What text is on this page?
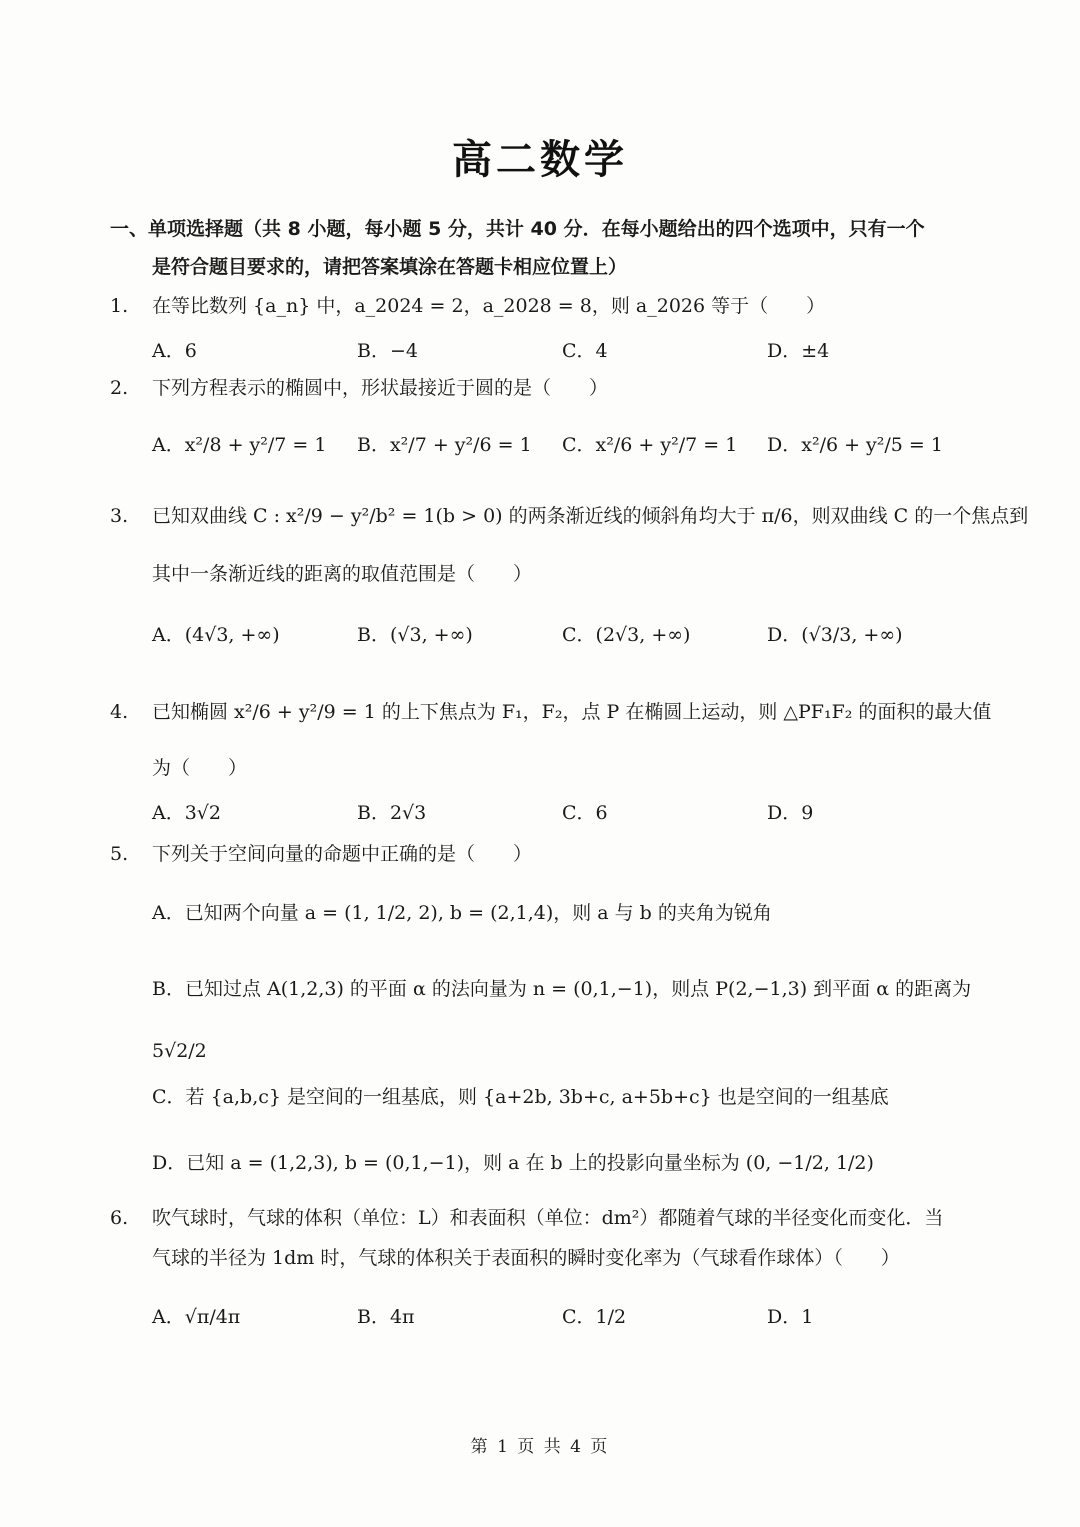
高二数学
一、单项选择题（共 8 小题，每小题 5 分，共计 40 分．在每小题给出的四个选项中，只有一个
是符合题目要求的，请把答案填涂在答题卡相应位置上）
1. 在等比数列 {a_n} 中，a_2024 = 2，a_2028 = 8，则 a_2026 等于（　　）
A．6	B．−4	C．4	D．±4
2. 下列方程表示的椭圆中，形状最接近于圆的是（　　）
A．x²/8 + y²/7 = 1 B．x²/7 + y²/6 = 1 C．x²/6 + y²/7 = 1 D．x²/6 + y²/5 = 1
3. 已知双曲线 C : x²/9 − y²/b² = 1(b > 0) 的两条渐近线的倾斜角均大于 π/6，则双曲线 C 的一个焦点到
其中一条渐近线的距离的取值范围是（　　）
A．(4√3, +∞)	B．(√3, +∞)	C．(2√3, +∞)	D．(√3/3, +∞)
4. 已知椭圆 x²/6 + y²/9 = 1 的上下焦点为 F₁，F₂，点 P 在椭圆上运动，则 △PF₁F₂ 的面积的最大值
为（　　）
A．3√2	B．2√3	C．6	D．9
5. 下列关于空间向量的命题中正确的是（　　）
A．已知两个向量 a = (1, 1/2, 2), b = (2,1,4)，则 a 与 b 的夹角为锐角
B．已知过点 A(1,2,3) 的平面 α 的法向量为 n = (0,1,−1)，则点 P(2,−1,3) 到平面 α 的距离为 5√2/2
C．若 {a,b,c} 是空间的一组基底，则 {a+2b, 3b+c, a+5b+c} 也是空间的一组基底
D．已知 a = (1,2,3), b = (0,1,−1)，则 a 在 b 上的投影向量坐标为 (0, −1/2, 1/2)
6. 吹气球时，气球的体积（单位：L）和表面积（单位：dm²）都随着气球的半径变化而变化．当
气球的半径为 1dm 时，气球的体积关于表面积的瞬时变化率为（气球看作球体）（　　）
A．√π/4π	B．4π	C．1/2	D．1
第 1 页 共 4 页
